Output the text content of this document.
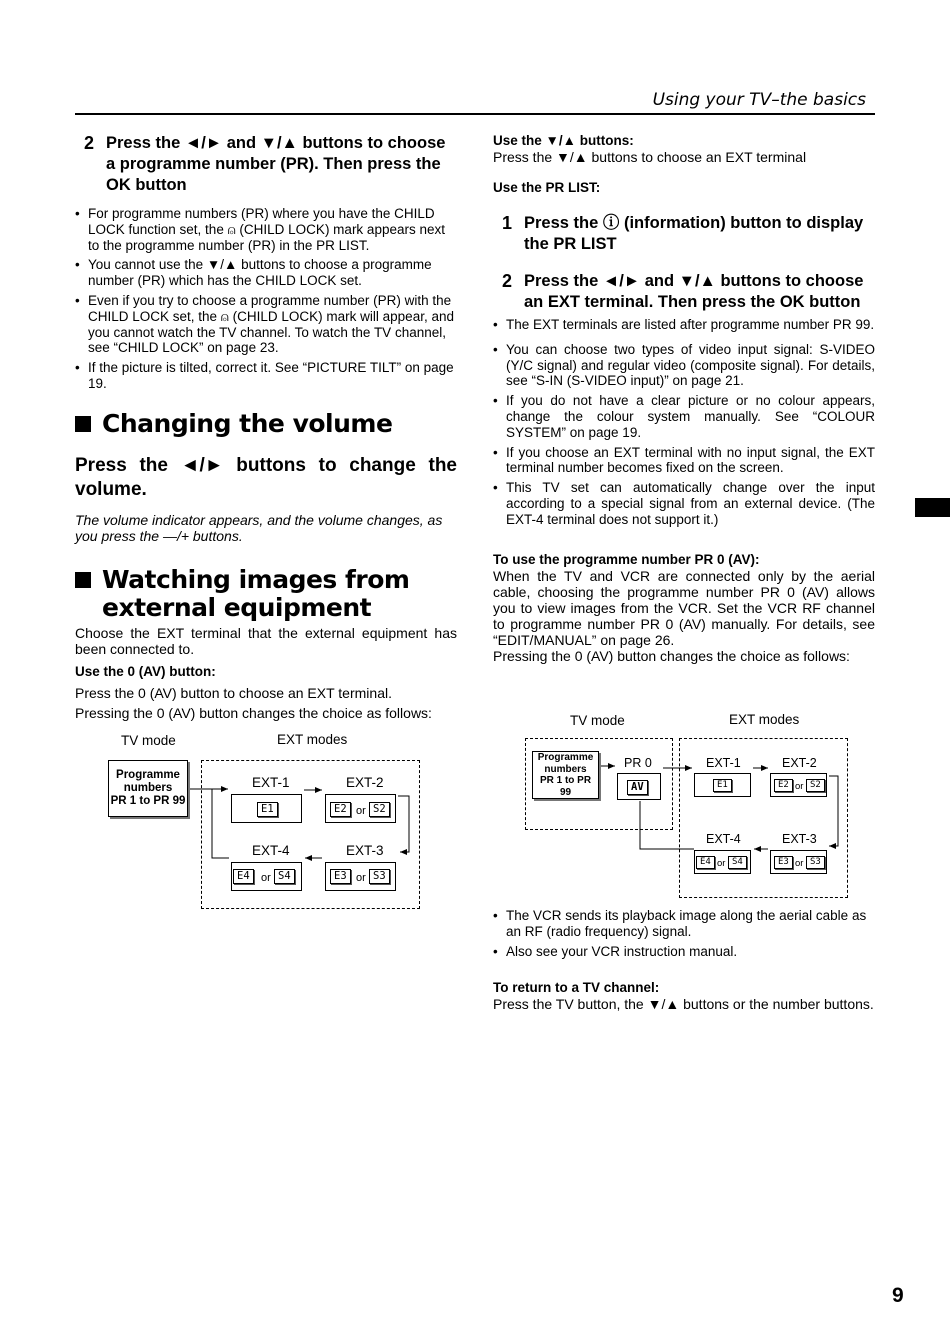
Using your TV–the basics
9
2 Press the ◄/► and ▼/▲ buttons to choose a programme number (PR). Then press the OK button
• For programme numbers (PR) where you have the CHILD LOCK function set, the ⍝ (CHILD LOCK) mark appears next to the programme number (PR) in the PR LIST.
• You cannot use the ▼/▲ buttons to choose a programme number (PR) which has the CHILD LOCK set.
• Even if you try to choose a programme number (PR) with the CHILD LOCK set, the ⍝ (CHILD LOCK) mark will appear, and you cannot watch the TV channel. To watch the TV channel, see “CHILD LOCK” on page 23.
• If the picture is tilted, correct it. See “PICTURE TILT” on page 19.
Changing the volume
Press the ◄/► buttons to change the volume.
The volume indicator appears, and the volume changes, as you press the —/+ buttons.
Watching images from
external equipment
Choose the EXT terminal that the external equipment has been connected to.
Use the 0 (AV) button:
Press the 0 (AV) button to choose an EXT terminal.
Pressing the 0 (AV) button changes the choice as follows:
TV mode	EXT modes
Programme
numbers
PR 1 to PR 99
EXT-1	EXT-2
E1	E2 or S2
EXT-4	EXT-3
E4	or S4	E3 or S3
Use the ▼/▲ buttons:
Press the ▼/▲ buttons to choose an EXT terminal
Use the PR LIST:
1 Press the ⓘ (information) button to display the PR LIST
2 Press the ◄/► and ▼/▲ buttons to choose an EXT terminal. Then press the OK button
• The EXT terminals are listed after programme number PR 99.
• You can choose two types of video input signal: S-VIDEO (Y/C signal) and regular video (composite signal). For details, see “S-IN (S-VIDEO input)” on page 21.
• If you do not have a clear picture or no colour appears, change the colour system manually. See “COLOUR SYSTEM” on page 19.
• If you choose an EXT terminal with no input signal, the EXT terminal number becomes fixed on the screen.
• This TV set can automatically change over the input according to a special signal from an external device. (The EXT-4 terminal does not support it.)
To use the programme number PR 0 (AV):
When the TV and VCR are connected only by the aerial cable, choosing the programme number PR 0 (AV) allows you to view images from the VCR. Set the VCR RF channel to programme number PR 0 (AV) manually. For details, see “EDIT/MANUAL” on page 26.
Pressing the 0 (AV) button changes the choice as follows:
TV mode	EXT modes
Programme
numbers
PR 1 to PR 99
PR 0
AV
EXT-1	EXT-2
E1	E2 or S2
EXT-4	EXT-3
E4 or S4	E3 or S3
• The VCR sends its playback image along the aerial cable as an RF (radio frequency) signal.
• Also see your VCR instruction manual.
To return to a TV channel:
Press the TV button, the ▼/▲ buttons or the number buttons.
